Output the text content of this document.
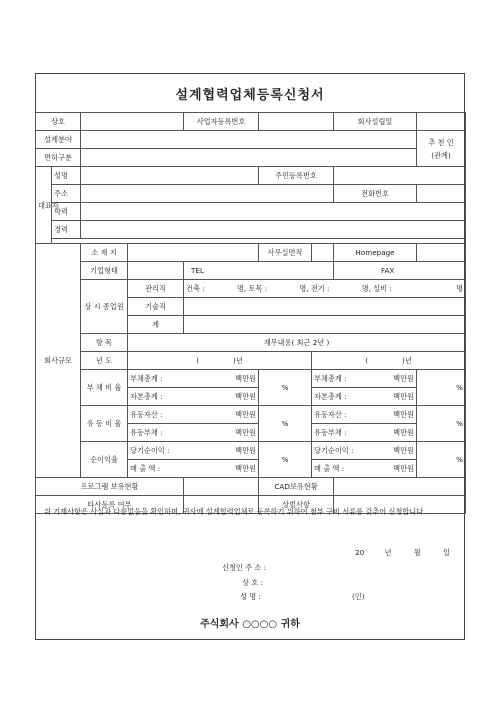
설계협력업체등록신청서
상호				사업자등록번호			회사설립일		
설계분야								추 천 인
(관계)	

면허구분									
대표자	성명				주민등록번호				
	주소						전화번호		
	학력								
	경력								

회사규모		소 재 지			사무실면적		Homepage		
		기업형태		TEL			FAX	
		상 시 종업원	관리직	건축 : 명, 토목 : 명, 전기 : 명, 설비 : 명					

			기술직						
			계						
		항 목	재무내용( 최근 2년 )						
		년 도	( )년			( )년			
		부 채 비 율	부채총계 : 백만원		%	부채총계 : 백만원		%	
			자본총계 : 백만원			자본총계 : 백만원			

		유 동 비 율	유동자산 : 백만원		%	유동자산 : 백만원		%	
			유동부채 : 백만원			유동부채 : 백만원			

		순이익율	당기순이익 : 백만원		%	당기순이익 : 백만원		%	
			매 출 액 : 백만원			매 출 액 : 백만원			

프로그램 보유현황					CAD보유현황				
타사등록 여부					상벌사항				
위 기재사항은 사실과 다름없음을 확인하며, 귀사에 설계협력업체로 등록하기 위하여 첨부 구비 서류를 갖추어 신청합니다.
20	년	월	일
신청인 주 소 :
상 호 :
성 명 :	(인)
주식회사 ○○○○ 귀하
